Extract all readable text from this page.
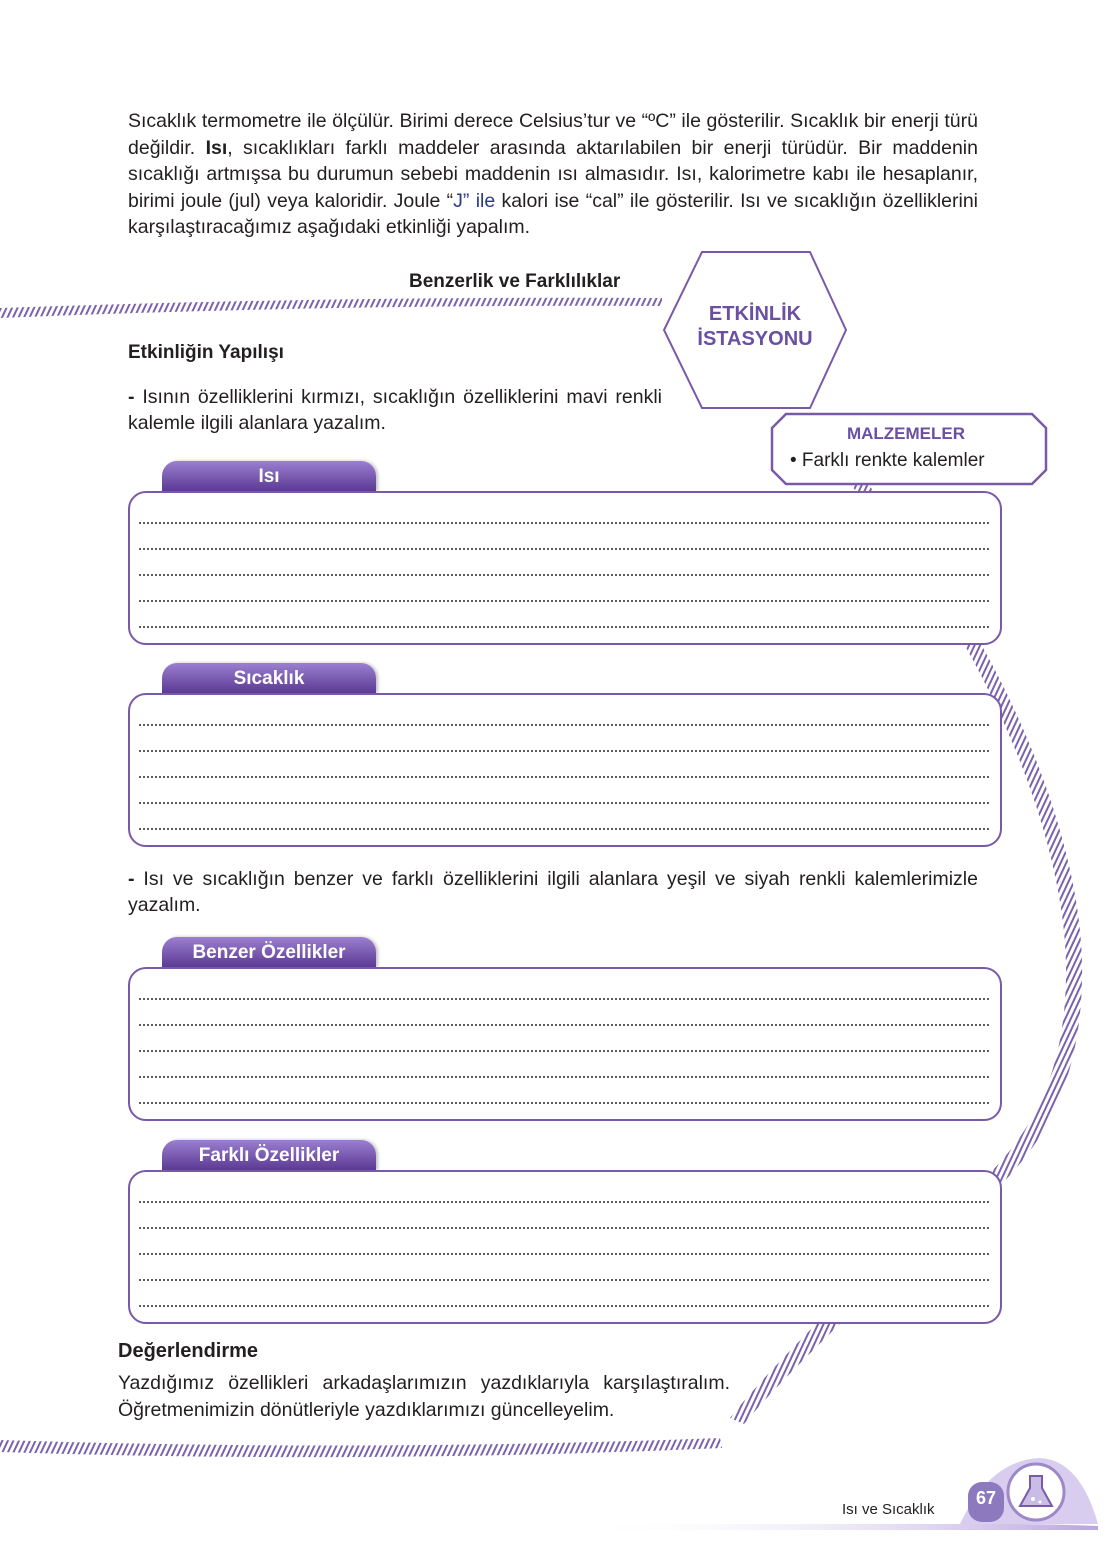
Sıcaklık termometre ile ölçülür. Birimi derece Celsius’tur ve “ºC” ile gösterilir. Sıcaklık bir enerji türü değildir. Isı, sıcaklıkları farklı maddeler arasında aktarılabilen bir enerji türüdür. Bir maddenin sıcaklığı artmışsa bu durumun sebebi maddenin ısı almasıdır. Isı, kalorimetre kabı ile hesaplanır, birimi joule (jul) veya kaloridir. Joule “J” ile kalori ise “cal” ile gösterilir. Isı ve sıcaklığın özelliklerini karşılaştıracağımız aşağıdaki etkinliği yapalım.
Benzerlik ve Farklılıklar
ETKİNLİK
İSTASYONU
Etkinliğin Yapılışı
- Isının özelliklerini kırmızı, sıcaklığın özelliklerini mavi renkli kalemle ilgili alanlara yazalım.	MALZEMELER
• Farklı renkte kalemler
Isı
Sıcaklık
- Isı ve sıcaklığın benzer ve farklı özelliklerini ilgili alanlara yeşil ve siyah renkli kalemlerimizle yazalım.
Benzer Özellikler
Farklı Özellikler
Değerlendirme
Yazdığımız özellikleri arkadaşlarımızın yazdıklarıyla karşılaştıralım. Öğretmenimizin dönütleriyle yazdıklarımızı güncelleyelim.
Isı ve Sıcaklık
67
